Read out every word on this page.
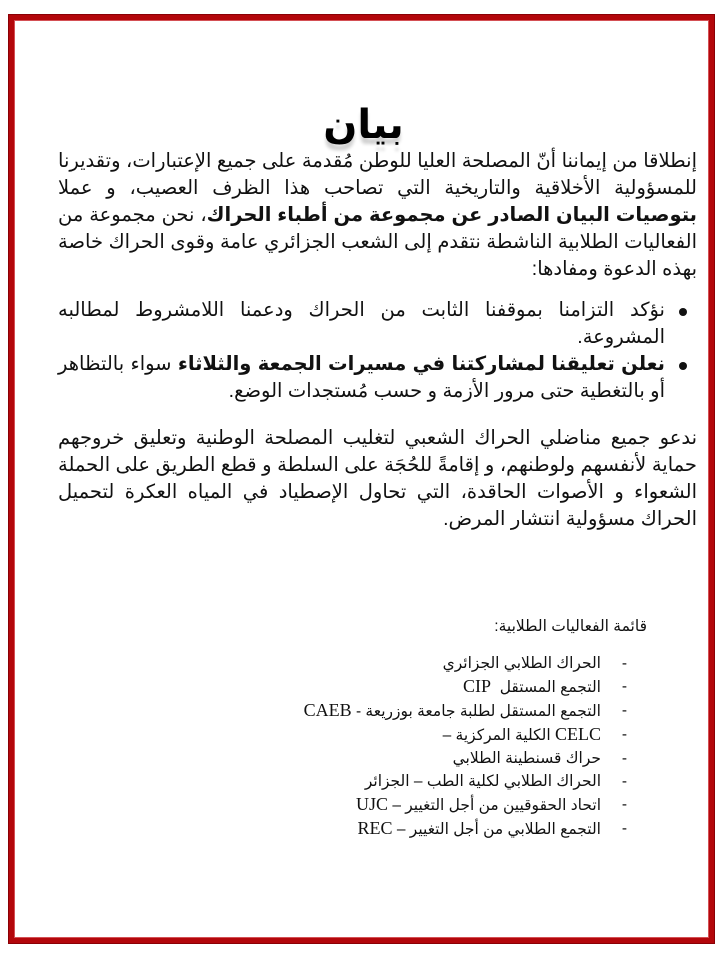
بيان

إنطلاقا من إيماننا أنّ المصلحة العليا للوطن مُقدمة على جميع الإعتبارات، وتقديرنا للمسؤولية الأخلاقية والتاريخية التي تصاحب هذا الظرف العصيب، و عملا بتوصيات البيان الصادر عن مجموعة من أطباء الحراك، نحن مجموعة من الفعاليات الطلابية الناشطة نتقدم إلى الشعب الجزائري عامة وقوى الحراك خاصة بهذه الدعوة ومفادها:

نؤكد التزامنا بموقفنا الثابت من الحراك ودعمنا اللامشروط لمطالبه المشروعة.
نعلن تعليقنا لمشاركتنا في مسيرات الجمعة والثلاثاء سواء بالتظاهر أو بالتغطية حتى مرور الأزمة و حسب مُستجدات الوضع.

ندعو جميع مناضلي الحراك الشعبي لتغليب المصلحة الوطنية وتعليق خروجهم حماية لأنفسهم ولوطنهم، و إقامةً للحُجَة على السلطة و قطع الطريق على الحملة الشعواء و الأصوات الحاقدة، التي تحاول الإصطياد في المياه العكرة لتحميل الحراك مسؤولية انتشار المرض.

قائمة الفعاليات الطلابية:

-
الحراك الطلابي الجزائري
-
التجمع المستقل  CIP
-
التجمع المستقل لطلبة جامعة بوزريعة - CAEB
-
CELC الكلية المركزية –
-
حراك قسنطينة الطلابي
-
الحراك الطلابي لكلية الطب – الجزائر
-
اتحاد الحقوقيين من أجل التغيير – UJC
-
التجمع الطلابي من أجل التغيير – REC
